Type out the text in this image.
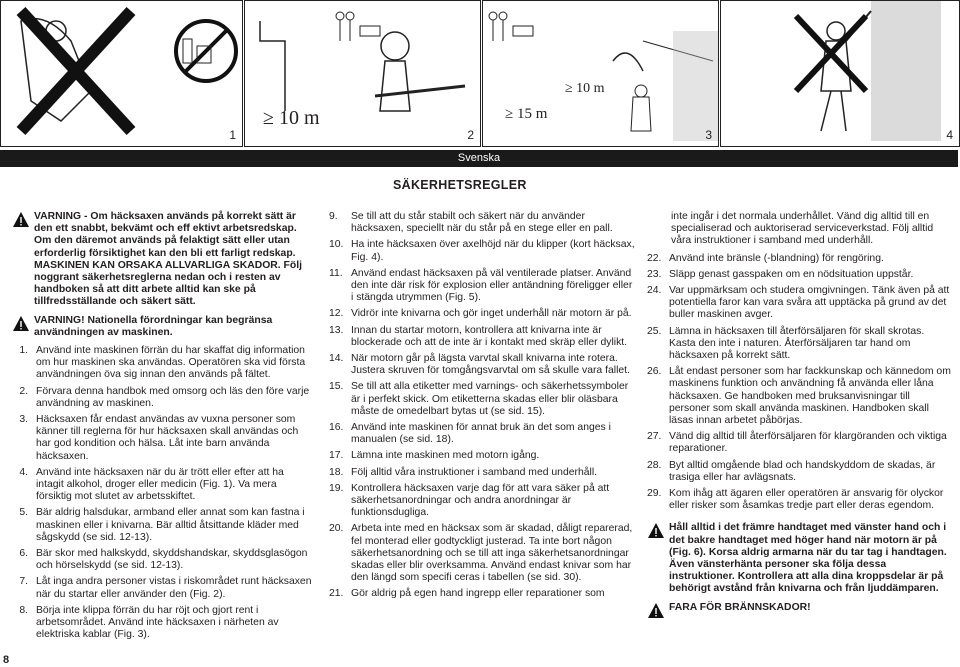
1
≥ 10 m
2
≥ 15 m
≥ 10 m
3	4
Svenska
SÄKERHETSREGLER
VARNING - Om häcksaxen används på korrekt sätt är den ett snabbt, bekvämt och eff ektivt arbetsredskap. Om den däremot används på felaktigt sätt eller utan erforderlig försiktighet kan den bli ett farligt redskap. MASKINEN KAN ORSAKA ALLVARLIGA SKADOR. Följ noggrant säkerhetsreglerna nedan och i resten av handboken så att ditt arbete alltid kan ske på tillfredsställande och säkert sätt.
VARNING! Nationella förordningar kan begränsa användningen av maskinen.
1. Använd inte maskinen förrän du har skaffat dig information om hur maskinen ska användas. Operatören ska vid första användningen öva sig innan den används på fältet.
2. Förvara denna handbok med omsorg och läs den före varje användning av maskinen.
3. Häcksaxen får endast användas av vuxna personer som känner till reglerna för hur häcksaxen skall användas och har god kondition och hälsa. Låt inte barn använda häcksaxen.
4. Använd inte häcksaxen när du är trött eller efter att ha intagit alkohol, droger eller medicin (Fig. 1). Va mera försiktig mot slutet av arbetsskiftet.
5. Bär aldrig halsdukar, armband eller annat som kan fastna i maskinen eller i knivarna. Bär alltid åtsittande kläder med sågskydd (se sid. 12-13).
6. Bär skor med halkskydd, skyddshandskar, skyddsglasögon och hörselskydd (se sid. 12-13).
7. Låt inga andra personer vistas i riskområdet runt häcksaxen när du startar eller använder den (Fig. 2).
8. Börja inte klippa förrän du har röjt och gjort rent i arbetsområdet. Använd inte häcksaxen i närheten av elektriska kablar (Fig. 3).
9.	Se till att du står stabilt och säkert när du använder häcksaxen, speciellt när du står på en stege eller en pall.
10. Ha inte häcksaxen över axelhöjd när du klipper (kort häcksax, Fig. 4).
11. Använd endast häcksaxen på väl ventilerade platser. Använd den inte där risk för explosion eller antändning föreligger eller i stängda utrymmen (Fig. 5).
12. Vidrör inte knivarna och gör inget underhåll när motorn är på.
13. Innan du startar motorn, kontrollera att knivarna inte är blockerade och att de inte är i kontakt med skräp eller dylikt.
14. När motorn går på lägsta varvtal skall knivarna inte rotera. Justera skruven för tomgångsvarvtal om så skulle vara fallet.
15. Se till att alla etiketter med varnings- och säkerhetssymboler är i perfekt skick. Om etiketterna skadas eller blir oläsbara måste de omedelbart bytas ut (se sid. 15).
16. Använd inte maskinen för annat bruk än det som anges i manualen (se sid. 18).
17. Lämna inte maskinen med motorn igång.
18. Följ alltid våra instruktioner i samband med underhåll.
19. Kontrollera häcksaxen varje dag för att vara säker på att säkerhetsanordningar och andra anordningar är funktionsdugliga.
20. Arbeta inte med en häcksax som är skadad, dåligt reparerad, fel monterad eller godtyckligt justerad. Ta inte bort någon säkerhetsanordning och se till att inga säkerhetsanordningar skadas eller blir overksamma. Använd endast knivar som har den längd som specifi ceras i tabellen (se sid. 30).
21. Gör aldrig på egen hand ingrepp eller reparationer som
inte ingår i det normala underhållet. Vänd dig alltid till en specialiserad och auktoriserad serviceverkstad. Följ alltid våra instruktioner i samband med underhåll.
22. Använd inte bränsle (-blandning) för rengöring.
23. Släpp genast gasspaken om en nödsituation uppstår.
24. Var uppmärksam och studera omgivningen. Tänk även på att potentiella faror kan vara svåra att upptäcka på grund av det buller maskinen avger.
25. Lämna in häcksaxen till återförsäljaren för skall skrotas. Kasta den inte i naturen. Återförsäljaren tar hand om häcksaxen på korrekt sätt.
26. Låt endast personer som har fackkunskap och kännedom om maskinens funktion och användning få använda eller låna häcksaxen. Ge handboken med bruksanvisningar till personer som skall använda maskinen. Handboken skall läsas innan arbetet påbörjas.
27. Vänd dig alltid till återförsäljaren för klargöranden och viktiga reparationer.
28. Byt alltid omgående blad och handskyddom de skadas, är trasiga eller har avlägsnats.
29. Kom ihåg att ägaren eller operatören är ansvarig för olyckor eller risker som åsamkas tredje part eller deras egendom.
Håll alltid i det främre handtaget med vänster hand och i det bakre handtaget med höger hand när motorn är på (Fig. 6). Korsa aldrig armarna när du tar tag i handtagen. Även vänsterhänta personer ska följa dessa instruktioner. Kontrollera att alla dina kroppsdelar är på behörigt avstånd från knivarna och från ljuddämparen.
FARA FÖR BRÄNNSKADOR!
8
